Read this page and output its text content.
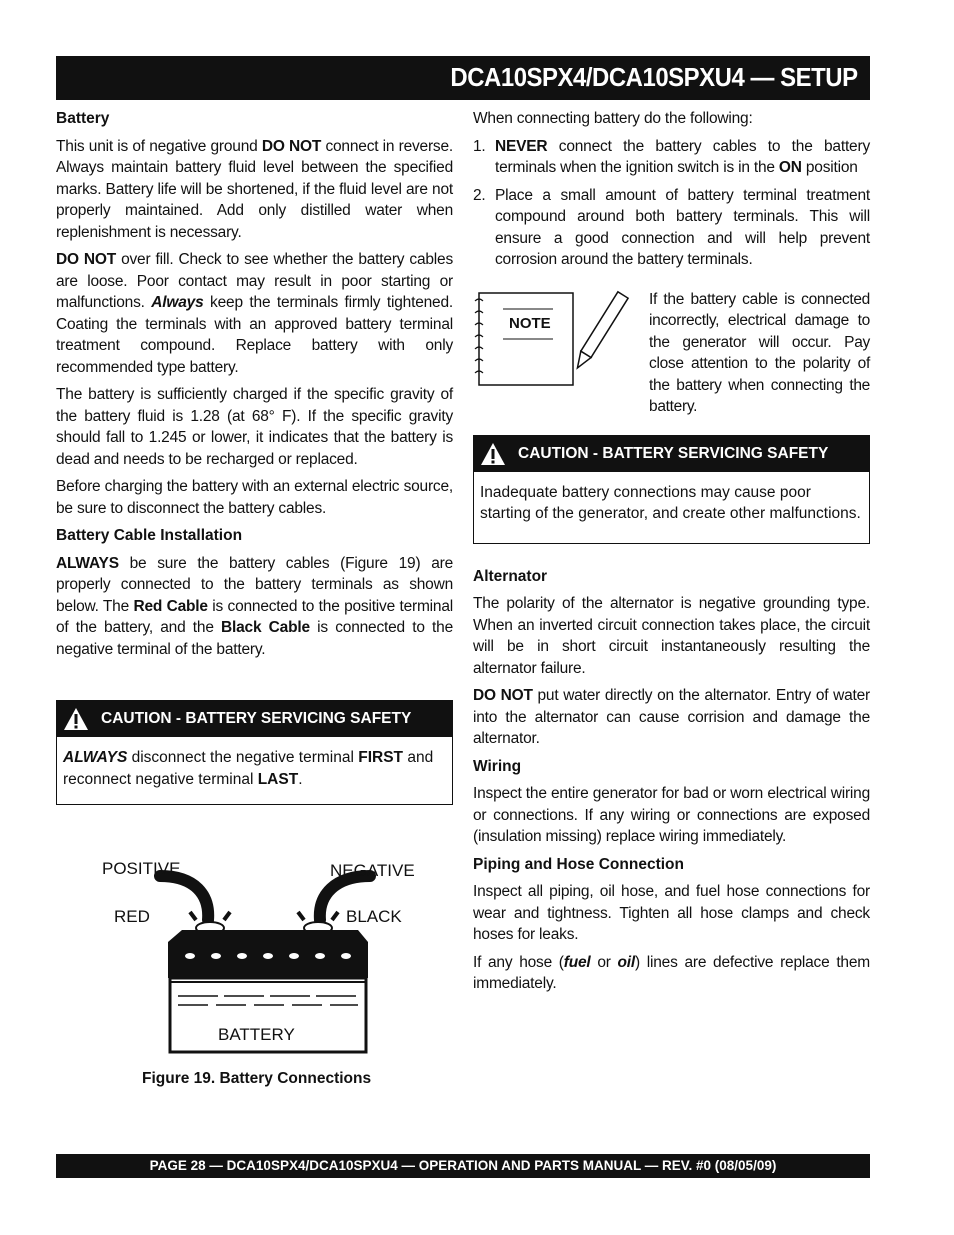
DCA10SPX4/DCA10SPXU4 — SETUP
Battery

This unit is of negative ground DO NOT connect in reverse. Always maintain battery fluid level between the specified marks. Battery life will be shortened, if the fluid level are not properly maintained. Add only distilled water when replenishment is necessary.

DO NOT over fill. Check to see whether the battery cables are loose. Poor contact may result in poor starting or malfunctions. Always keep the terminals firmly tightened. Coating the terminals with an approved battery terminal treatment compound. Replace battery with only recommended type battery.

The battery is sufficiently charged if the specific gravity of the battery fluid is 1.28 (at 68° F). If the specific gravity should fall to 1.245 or lower, it indicates that the battery is dead and needs to be recharged or replaced.

Before charging the battery with an external electric source, be sure to disconnect the battery cables.

Battery Cable Installation

ALWAYS be sure the battery cables (Figure 19) are properly connected to the battery terminals as shown below. The Red Cable is connected to the positive terminal of the battery, and the Black Cable is connected to the negative terminal of the battery.

CAUTION - BATTERY SERVICING SAFETY
ALWAYS disconnect the negative terminal FIRST and reconnect negative terminal LAST.
POSITIVE	NEGATIVE
RED	BLACK
BATTERY
Figure 19. Battery Connections

When connecting battery do the following:

1. NEVER connect the battery cables to the battery terminals when the ignition switch is in the ON position
2. Place a small amount of battery terminal treatment compound around both battery terminals. This will ensure a good connection and will help prevent corrosion around the battery terminals.
NOTE
If the battery cable is connected incorrectly, electrical damage to the generator will occur. Pay close attention to the polarity of the battery when connecting the battery.
CAUTION - BATTERY SERVICING SAFETY
Inadequate battery connections may cause poor starting of the generator, and create other malfunctions.
Alternator

The polarity of the alternator is negative grounding type. When an inverted circuit connection takes place, the circuit will be in short circuit instantaneously resulting the alternator failure.

DO NOT put water directly on the alternator. Entry of water into the alternator can cause corrision and damage the alternator.

Wiring

Inspect the entire generator for bad or worn electrical wiring or connections. If any wiring or connections are exposed (insulation missing) replace wiring immediately.

Piping and Hose Connection

Inspect all piping, oil hose, and fuel hose connections for wear and tightness. Tighten all hose clamps and check hoses for leaks.

If any hose (fuel or oil) lines are defective replace them immediately.

PAGE 28 — DCA10SPX4/DCA10SPXU4 — OPERATION AND PARTS MANUAL — REV. #0 (08/05/09)
